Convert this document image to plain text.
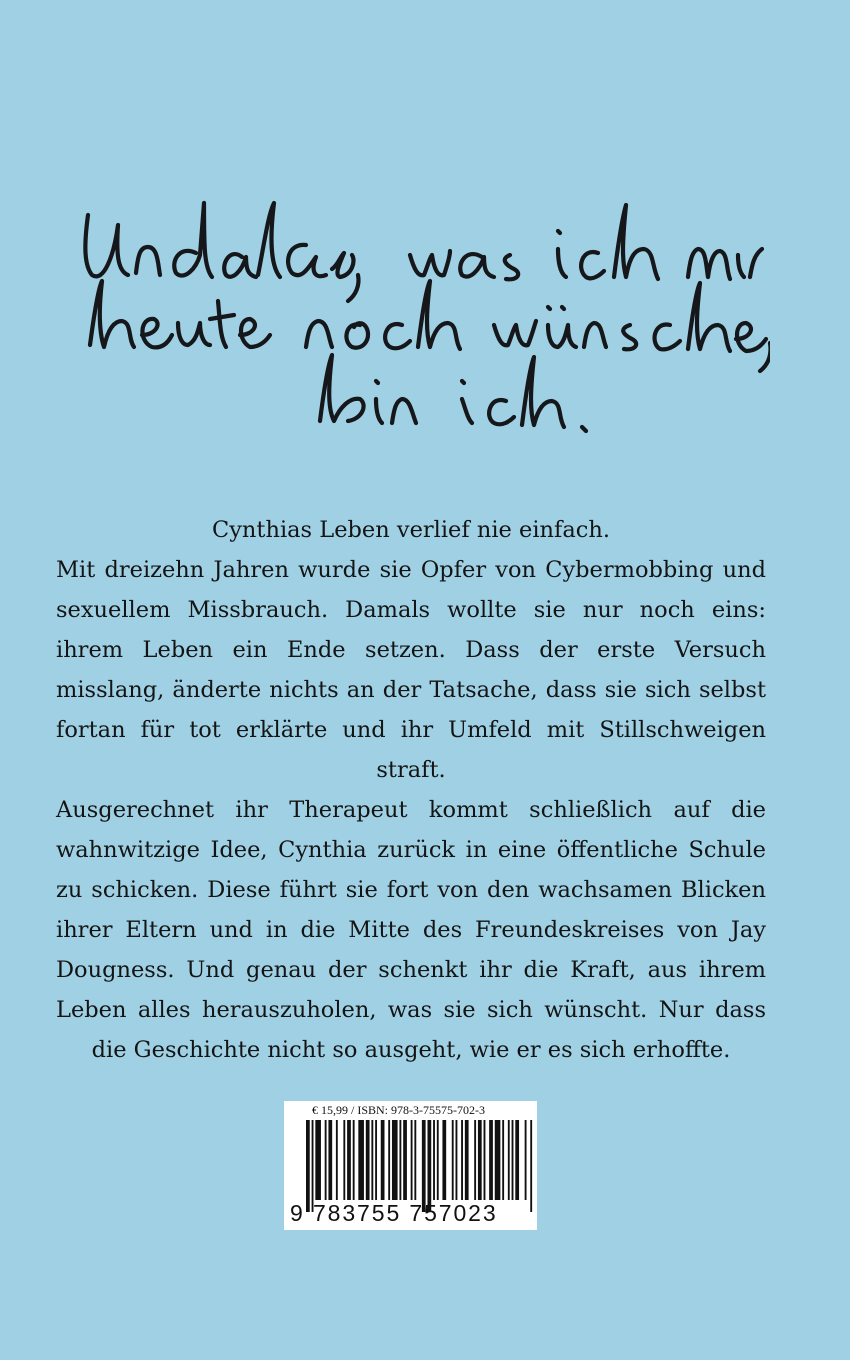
Cynthias Leben verlief nie einfach.

Mit dreizehn Jahren wurde sie Opfer von Cybermobbing und sexuellem Missbrauch. Damals wollte sie nur noch eins: ihrem Leben ein Ende setzen. Dass der erste Versuch misslang, änderte nichts an der Tatsache, dass sie sich selbst fortan für tot erklärte und ihr Umfeld mit Stillschweigen straft.

Ausgerechnet ihr Therapeut kommt schließlich auf die wahnwitzige Idee, Cynthia zurück in eine öffentliche Schule zu schicken. Diese führt sie fort von den wachsamen Blicken ihrer Eltern und in die Mitte des Freundeskreises von Jay Dougness. Und genau der schenkt ihr die Kraft, aus ihrem Leben alles herauszuholen, was sie sich wünscht. Nur dass die Geschichte nicht so ausgeht, wie er es sich erhoffte.

€ 15,99 / ISBN: 978-3-75575-702-3
9 783755 757023
